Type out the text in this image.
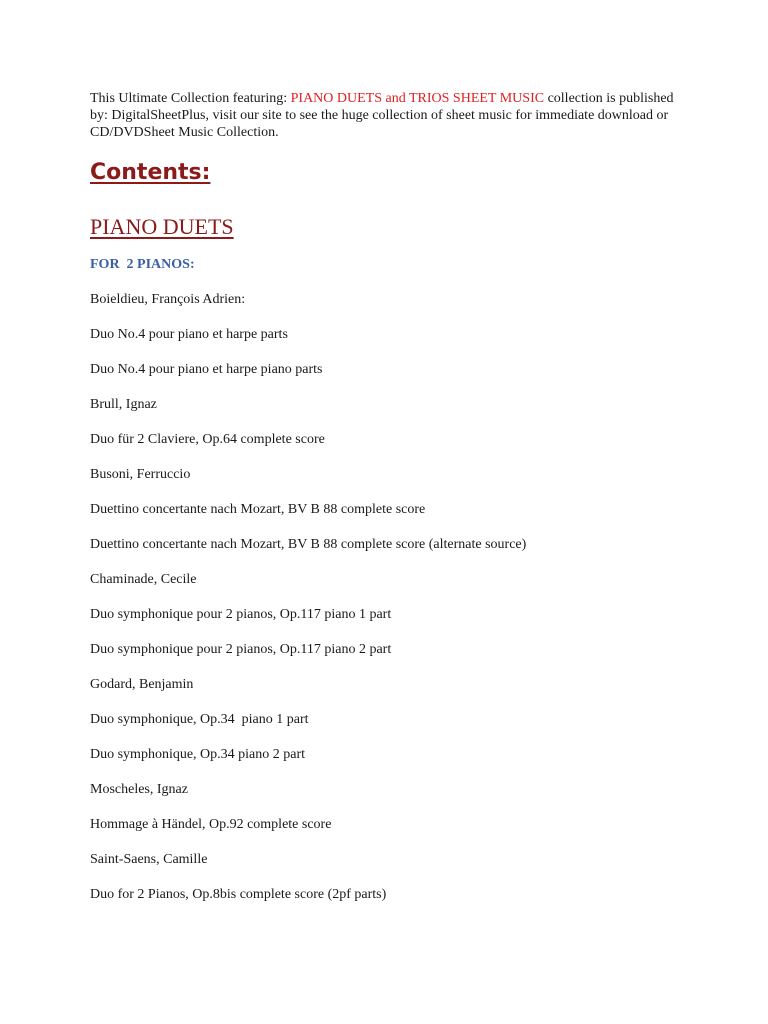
This Ultimate Collection featuring: PIANO DUETS and TRIOS SHEET MUSIC collection is published by: DigitalSheetPlus, visit our site to see the huge collection of sheet music for immediate download or CD/DVDSheet Music Collection.

Contents:
PIANO DUETS
FOR  2 PIANOS:
Boieldieu, François Adrien:
Duo No.4 pour piano et harpe parts
Duo No.4 pour piano et harpe piano parts
Brull, Ignaz
Duo für 2 Claviere, Op.64 complete score
Busoni, Ferruccio
Duettino concertante nach Mozart, BV B 88 complete score
Duettino concertante nach Mozart, BV B 88 complete score (alternate source)
Chaminade, Cecile
Duo symphonique pour 2 pianos, Op.117 piano 1 part
Duo symphonique pour 2 pianos, Op.117 piano 2 part
Godard, Benjamin
Duo symphonique, Op.34  piano 1 part
Duo symphonique, Op.34 piano 2 part
Moscheles, Ignaz
Hommage à Händel, Op.92 complete score
Saint-Saens, Camille
Duo for 2 Pianos, Op.8bis complete score (2pf parts)
